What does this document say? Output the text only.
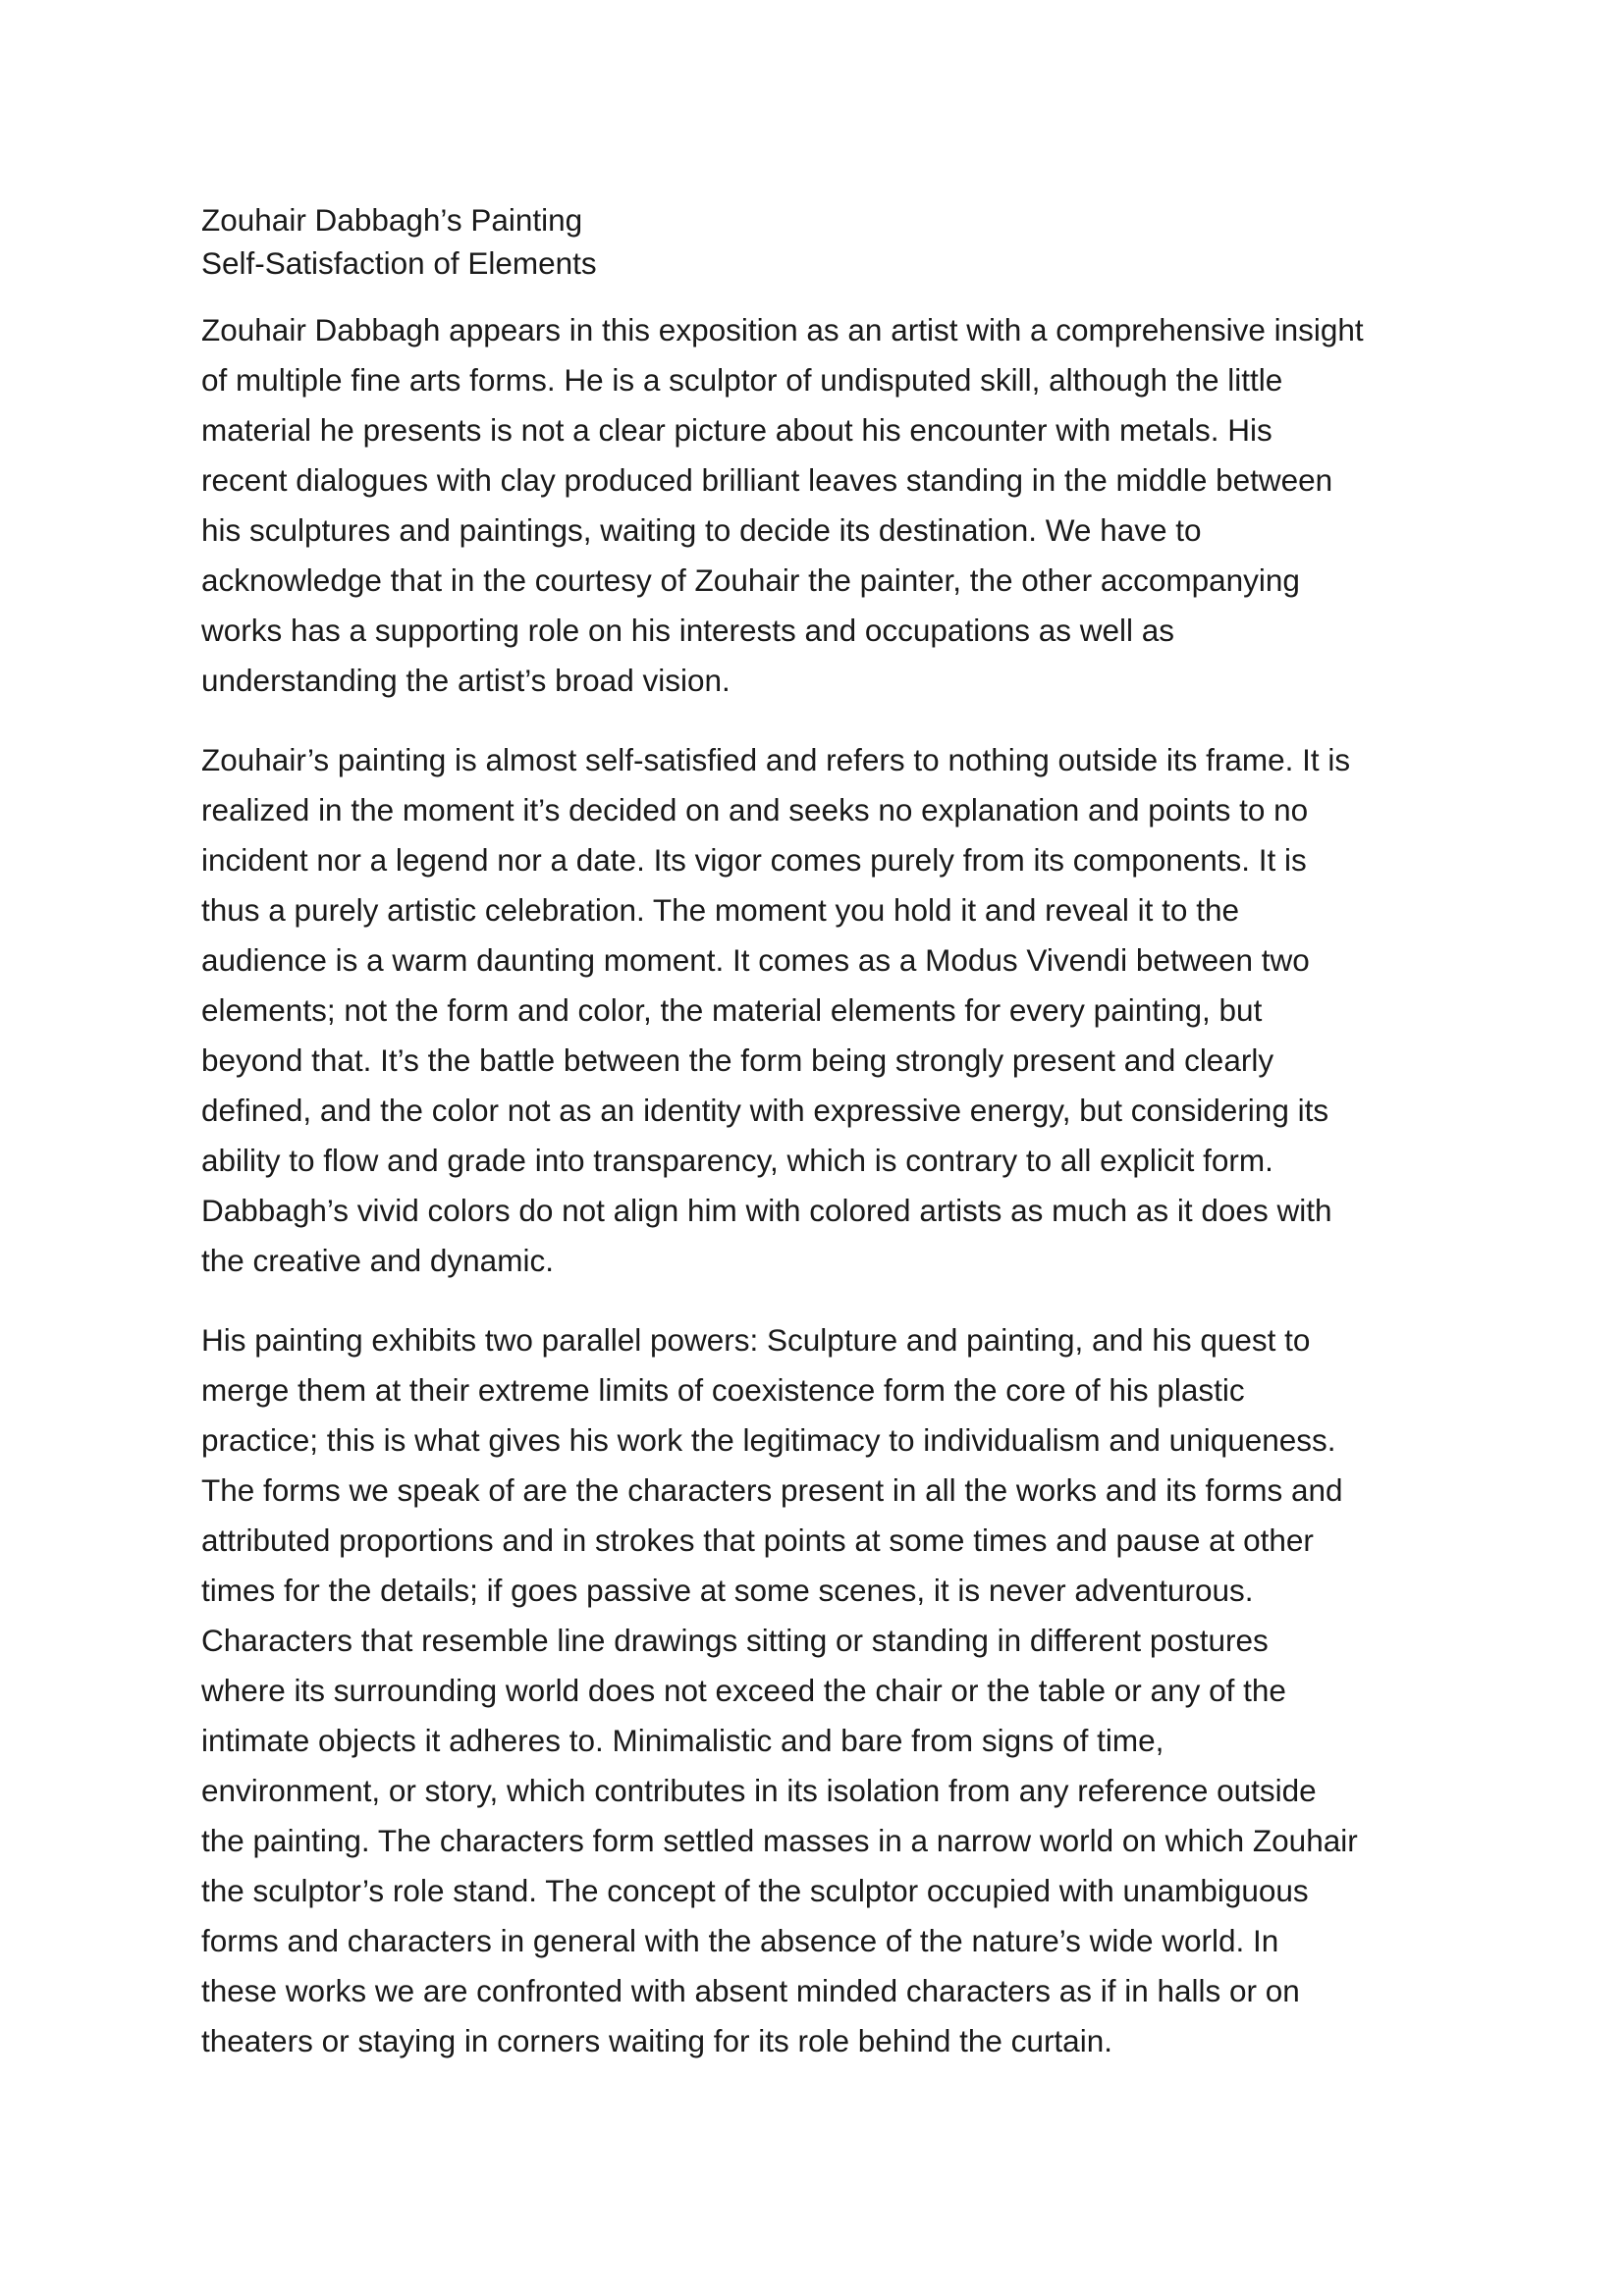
Zouhair Dabbagh’s Painting
Self-Satisfaction of Elements
Zouhair Dabbagh appears in this exposition as an artist with a comprehensive insight
of multiple fine arts forms. He is a sculptor of undisputed skill, although the little
material he presents is not a clear picture about his encounter with metals. His
recent dialogues with clay produced brilliant leaves standing in the middle between
his sculptures and paintings, waiting to decide its destination. We have to
acknowledge that in the courtesy of Zouhair the painter, the other accompanying
works has a supporting role on his interests and occupations as well as
understanding the artist’s broad vision.
Zouhair’s painting is almost self-satisfied and refers to nothing outside its frame. It is
realized in the moment it’s decided on and seeks no explanation and points to no
incident nor a legend nor a date. Its vigor comes purely from its components. It is
thus a purely artistic celebration. The moment you hold it and reveal it to the
audience is a warm daunting moment. It comes as a Modus Vivendi between two
elements; not the form and color, the material elements for every painting, but
beyond that. It’s the battle between the form being strongly present and clearly
defined, and the color not as an identity with expressive energy, but considering its
ability to flow and grade into transparency, which is contrary to all explicit form.
Dabbagh’s vivid colors do not align him with colored artists as much as it does with
the creative and dynamic.
His painting exhibits two parallel powers: Sculpture and painting, and his quest to
merge them at their extreme limits of coexistence form the core of his plastic
practice; this is what gives his work the legitimacy to individualism and uniqueness.
The forms we speak of are the characters present in all the works and its forms and
attributed proportions and in strokes that points at some times and pause at other
times for the details; if goes passive at some scenes, it is never adventurous.
Characters that resemble line drawings sitting or standing in different postures
where its surrounding world does not exceed the chair or the table or any of the
intimate objects it adheres to. Minimalistic and bare from signs of time,
environment, or story, which contributes in its isolation from any reference outside
the painting. The characters form settled masses in a narrow world on which Zouhair
the sculptor’s role stand. The concept of the sculptor occupied with unambiguous
forms and characters in general with the absence of the nature’s wide world. In
these works we are confronted with absent minded characters as if in halls or on
theaters or staying in corners waiting for its role behind the curtain.
